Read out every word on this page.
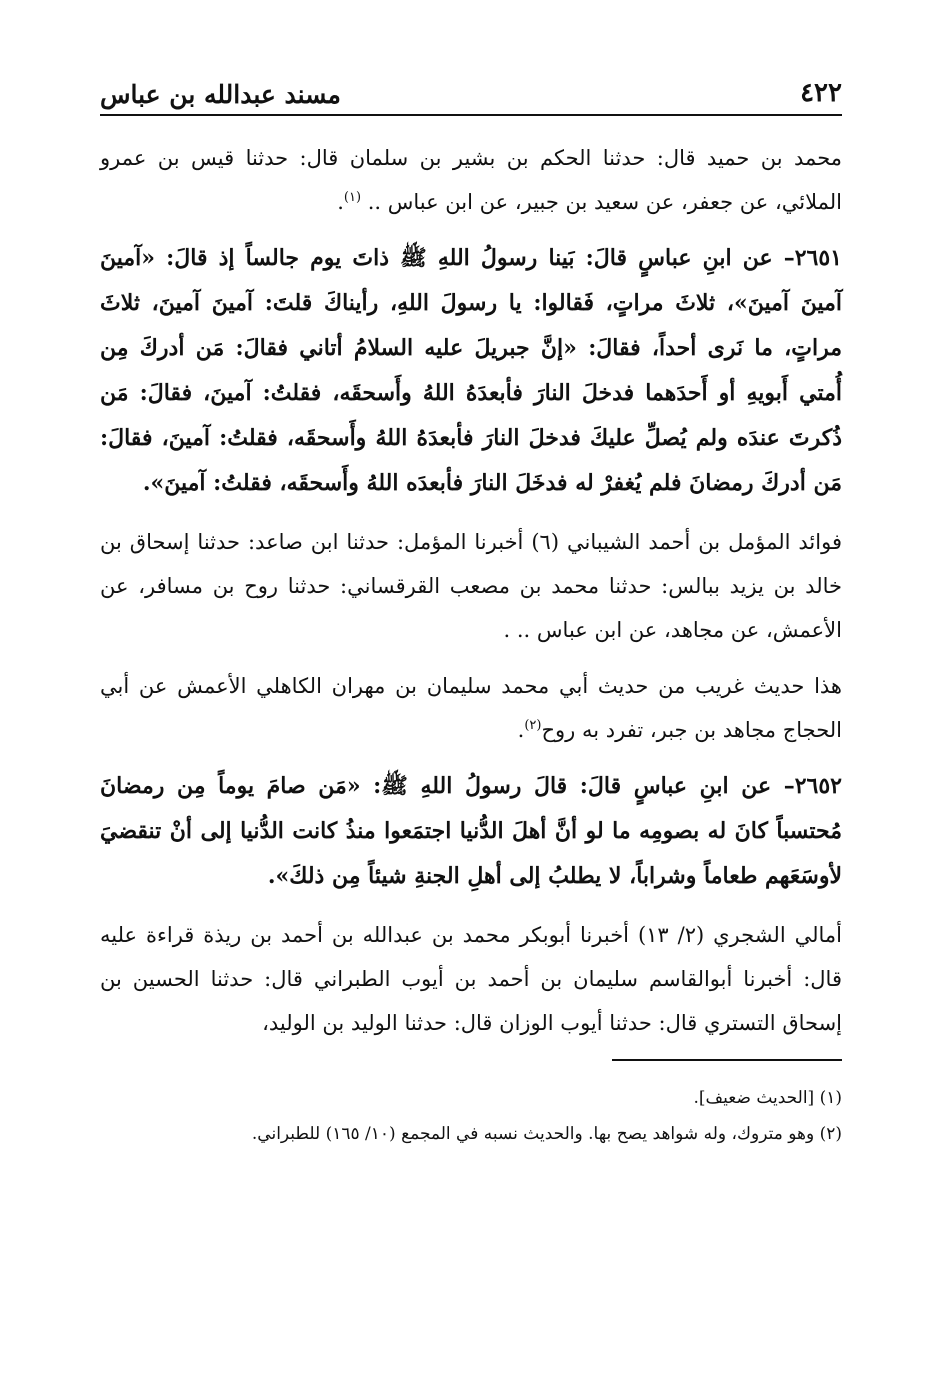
٤٢٢
مسند عبدالله بن عباس

محمد بن حميد قال: حدثنا الحكم بن بشير بن سلمان قال: حدثنا قيس بن عمرو الملائي، عن جعفر، عن سعيد بن جبير، عن ابن عباس .. $^{(١)}$.

٢٦٥١– عن ابنِ عباسٍ قالَ: بَينا رسولُ اللهِ ﷺ ذاتَ يوم جالساً إذ قالَ: «آمينَ آمينَ آمينَ»، ثلاثَ مراتٍ، فَقالوا: يا رسولَ اللهِ، رأيناكَ قلتَ: آمينَ آمينَ، ثلاثَ مراتٍ، ما نَرى أحداً، فقالَ: «إنَّ جبريلَ عليه السلامُ أتاني فقالَ: مَن أدركَ مِن أُمتي أَبويهِ أو أَحدَهما فدخلَ النارَ فأبعدَهُ اللهُ وأَسحقَه، فقلتُ: آمينَ، فقالَ: مَن ذُكرتَ عندَه ولم يُصلِّ عليكَ فدخلَ النارَ فأبعدَهُ اللهُ وأَسحقَه، فقلتُ: آمينَ، فقالَ: مَن أدركَ رمضانَ فلم يُغفرْ له فدخَلَ النارَ فأبعدَه اللهُ وأَسحقَه، فقلتُ: آمينَ».

فوائد المؤمل بن أحمد الشيباني (٦) أخبرنا المؤمل: حدثنا ابن صاعد: حدثنا إسحاق بن خالد بن يزيد ببالس: حدثنا محمد بن مصعب القرقساني: حدثنا روح بن مسافر، عن الأعمش، عن مجاهد، عن ابن عباس .. .

هذا حديث غريب من حديث أبي محمد سليمان بن مهران الكاهلي الأعمش عن أبي الحجاج مجاهد بن جبر، تفرد به روح$^{(٢)}$.

٢٦٥٢– عن ابنِ عباسٍ قالَ: قالَ رسولُ اللهِ ﷺ: «مَن صامَ يوماً مِن رمضانَ مُحتسباً كانَ له بصومِه ما لو أنَّ أهلَ الدُّنيا اجتمَعوا منذُ كانت الدُّنيا إلى أنْ تنقضيَ لأوسَعَهم طعاماً وشراباً، لا يطلبُ إلى أهلِ الجنةِ شيئاً مِن ذلكَ».

أمالي الشجري (٢/ ١٣) أخبرنا أبوبكر محمد بن عبدالله بن أحمد بن ريذة قراءة عليه قال: أخبرنا أبوالقاسم سليمان بن أحمد بن أيوب الطبراني قال: حدثنا الحسين بن إسحاق التستري قال: حدثنا أيوب الوزان قال: حدثنا الوليد بن الوليد،

(١) [الحديث ضعيف].

(٢) وهو متروك، وله شواهد يصح بها. والحديث نسبه في المجمع (١٠/ ١٦٥) للطبراني.
